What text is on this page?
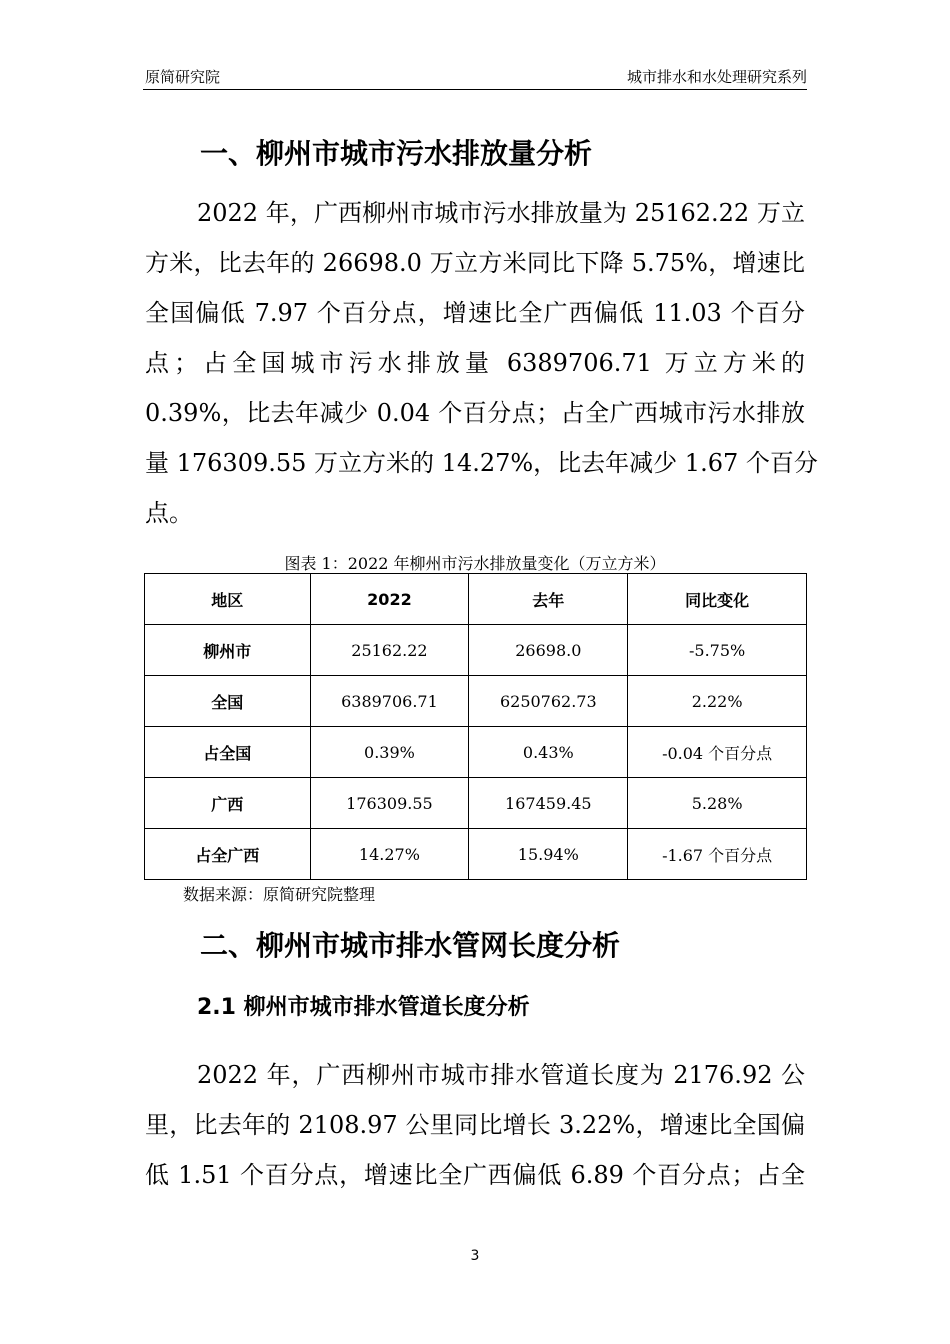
原简研究院	城市排水和水处理研究系列
一、柳州市城市污水排放量分析
2022 年，广西柳州市城市污水排放量为 25162.22 万立
方米，比去年的 26698.0 万立方米同比下降 5.75%，增速比
全国偏低 7.97 个百分点，增速比全广西偏低 11.03 个百分
点；占全国城市污水排放量 6389706.71 万立方米的
0.39%，比去年减少 0.04 个百分点；占全广西城市污水排放
量 176309.55 万立方米的 14.27%，比去年减少 1.67 个百分
点。
图表 1：2022 年柳州市污水排放量变化（万立方米）
地区	2022	去年	同比变化
柳州市	25162.22	26698.0	-5.75%
全国	6389706.71	6250762.73	2.22%
占全国	0.39%	0.43%	-0.04 个百分点
广西	176309.55	167459.45	5.28%
占全广西	14.27%	15.94%	-1.67 个百分点
数据来源：原简研究院整理
二、柳州市城市排水管网长度分析
2.1 柳州市城市排水管道长度分析
2022 年，广西柳州市城市排水管道长度为 2176.92 公
里，比去年的 2108.97 公里同比增长 3.22%，增速比全国偏
低 1.51 个百分点，增速比全广西偏低 6.89 个百分点；占全
3
